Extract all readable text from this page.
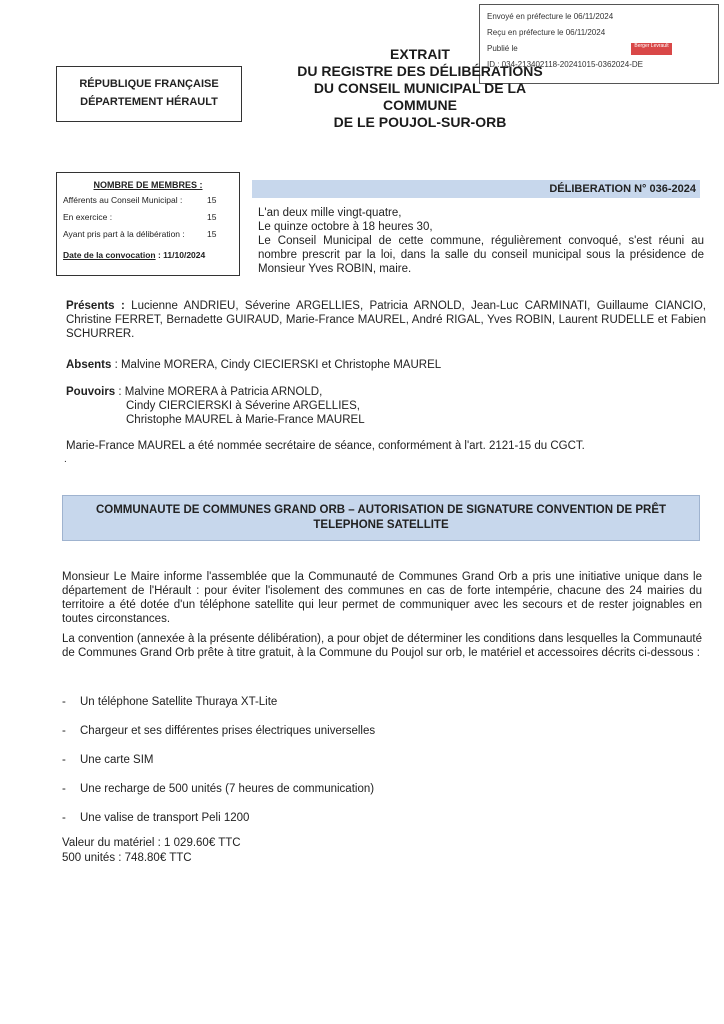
Envoyé en préfecture le 06/11/2024
Reçu en préfecture le 06/11/2024
Publié le
ID : 034-213402118-20241015-0362024-DE
Berger Levrault
EXTRAIT
DU REGISTRE DES DÉLIBÉRATIONS
DU CONSEIL MUNICIPAL DE LA
COMMUNE
DE LE POUJOL-SUR-ORB
RÉPUBLIQUE FRANÇAISE
DÉPARTEMENT HÉRAULT
NOMBRE DE MEMBRES :
Afférents au Conseil Municipal :	15
En exercice :	15
Ayant pris part à la délibération :	15
Date de la convocation : 11/10/2024
DÉLIBERATION N° 036-2024
L'an deux mille vingt-quatre,
Le quinze octobre à 18 heures 30,
Le Conseil Municipal de cette commune, régulièrement convoqué, s'est réuni au nombre prescrit par la loi, dans la salle du conseil municipal sous la présidence de Monsieur Yves ROBIN, maire.
Présents : Lucienne ANDRIEU, Séverine ARGELLIES, Patricia ARNOLD, Jean-Luc CARMINATI, Guillaume CIANCIO, Christine FERRET, Bernadette GUIRAUD, Marie-France MAUREL, André RIGAL, Yves ROBIN, Laurent RUDELLE et Fabien SCHURRER.
Absents : Malvine MORERA, Cindy CIECIERSKI et Christophe MAUREL
Pouvoirs : Malvine MORERA à Patricia ARNOLD,
Cindy CIERCIERSKI à Séverine ARGELLIES,
Christophe MAUREL à Marie-France MAUREL
Marie-France MAUREL a été nommée secrétaire de séance, conformément à l'art. 2121-15 du CGCT.
.
COMMUNAUTE DE COMMUNES GRAND ORB – AUTORISATION DE SIGNATURE CONVENTION DE PRÊT
TELEPHONE SATELLITE
Monsieur Le Maire informe l'assemblée que la Communauté de Communes Grand Orb a pris une initiative unique dans le département de l'Hérault : pour éviter l'isolement des communes en cas de forte intempérie, chacune des 24 mairies du territoire a été dotée d'un téléphone satellite qui leur permet de communiquer avec les secours et de rester joignables en toutes circonstances.
La convention (annexée à la présente délibération), a pour objet de déterminer les conditions dans lesquelles la Communauté de Communes Grand Orb prête à titre gratuit, à la Commune du Poujol sur orb, le matériel et accessoires décrits ci-dessous :
-	Un téléphone Satellite Thuraya XT-Lite
-	Chargeur et ses différentes prises électriques universelles
-	Une carte SIM
-	Une recharge de 500 unités (7 heures de communication)
-	Une valise de transport Peli 1200
Valeur du matériel : 1 029.60€ TTC
500 unités : 748.80€ TTC
